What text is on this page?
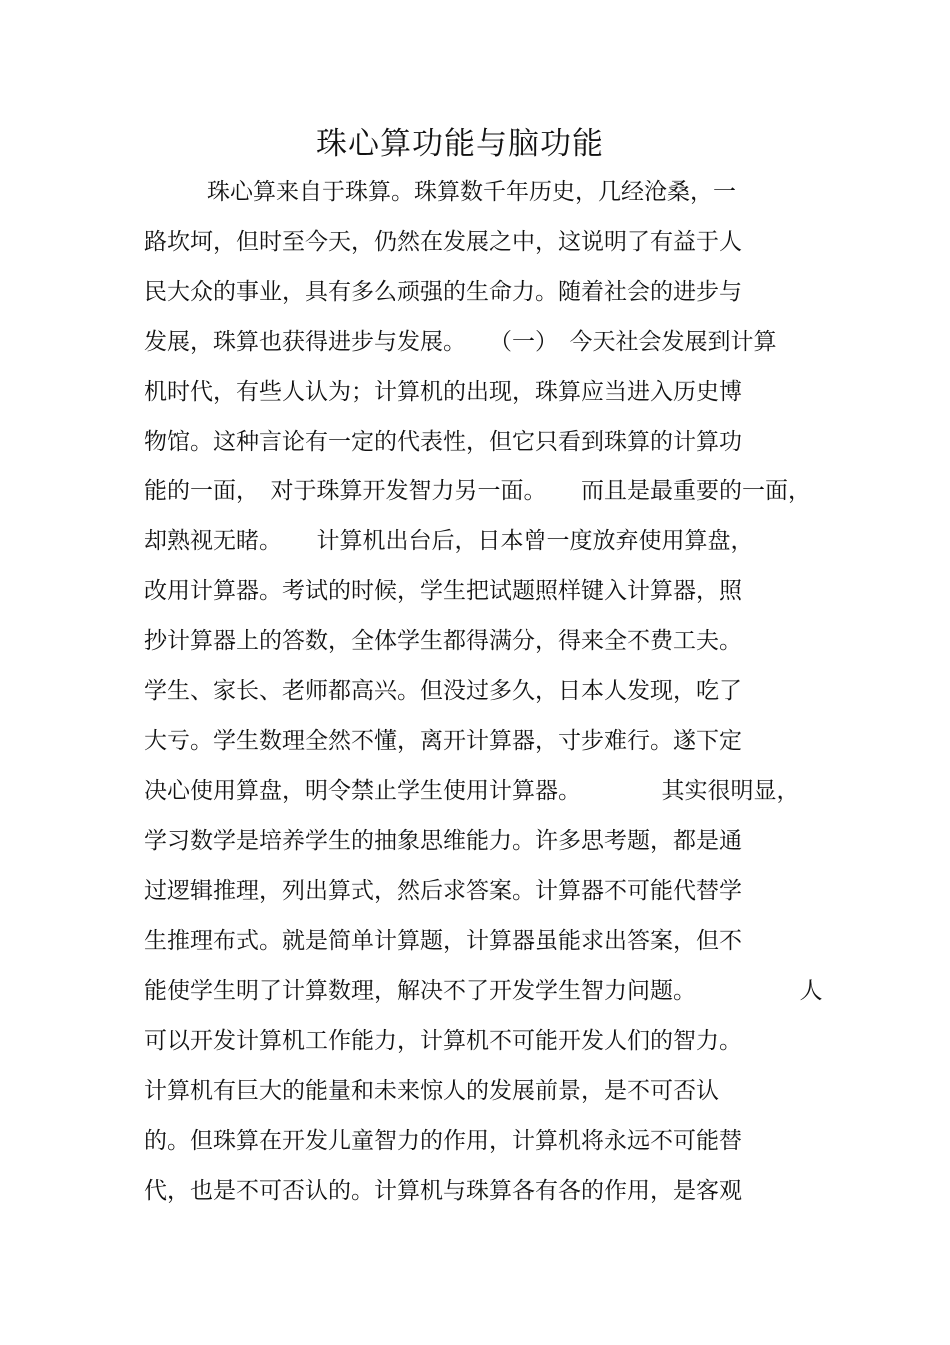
珠心算功能与脑功能
珠心算来自于珠算。珠算数千年历史，几经沧桑，一
路坎坷，但时至今天，仍然在发展之中，这说明了有益于人
民大众的事业，具有多么顽强的生命力。随着社会的进步与
发展，珠算也获得进步与发展。　　（一）　今天社会发展到计算
机时代，有些人认为；计算机的出现，珠算应当进入历史博
物馆。这种言论有一定的代表性，但它只看到珠算的计算功
能的一面，　对于珠算开发智力另一面。　　而且是最重要的一面，
却熟视无睹。　　计算机出台后，日本曾一度放弃使用算盘，
改用计算器。考试的时候，学生把试题照样键入计算器，照
抄计算器上的答数，全体学生都得满分，得来全不费工夫。
学生、家长、老师都高兴。但没过多久，日本人发现，吃了
大亏。学生数理全然不懂，离开计算器，寸步难行。遂下定
决心使用算盘，明令禁止学生使用计算器。　　　　其实很明显，
学习数学是培养学生的抽象思维能力。许多思考题，都是通
过逻辑推理，列出算式，然后求答案。计算器不可能代替学
生推理布式。就是简单计算题，计算器虽能求出答案，但不
能使学生明了计算数理，解决不了开发学生智力问题。　　　　　人
可以开发计算机工作能力，计算机不可能开发人们的智力。
计算机有巨大的能量和未来惊人的发展前景，是不可否认
的。但珠算在开发儿童智力的作用，计算机将永远不可能替
代，也是不可否认的。计算机与珠算各有各的作用，是客观
